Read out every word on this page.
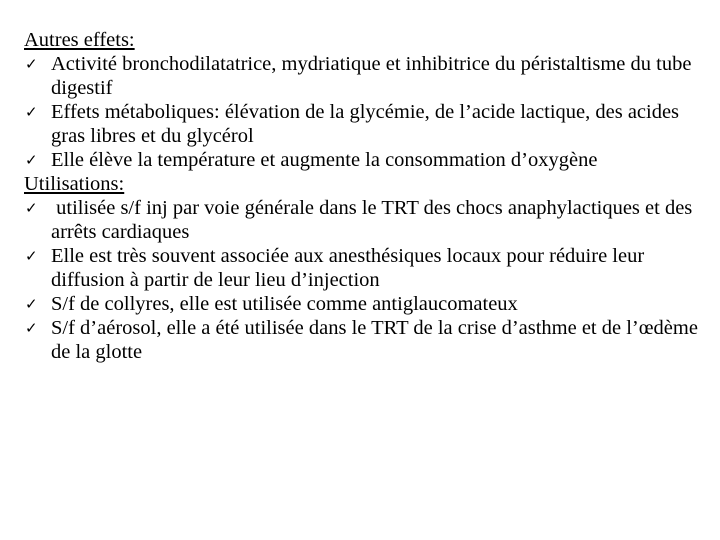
Autres effets:

✓ Activité bronchodilatatrice, mydriatique et inhibitrice du péristaltisme du tube digestif
✓ Effets métaboliques: élévation de la glycémie, de l’acide lactique, des acides gras libres et du glycérol
✓ Elle élève la température et augmente la consommation d’oxygène

Utilisations:

✓ utilisée s/f inj par voie générale dans le TRT des chocs anaphylactiques et des arrêts cardiaques
✓ Elle est très souvent associée aux anesthésiques locaux pour réduire leur diffusion à partir de leur lieu d’injection
✓ S/f de collyres, elle est utilisée comme antiglaucomateux
✓ S/f d’aérosol, elle a été utilisée dans le TRT de la crise d’asthme et de l’œdème de la glotte
